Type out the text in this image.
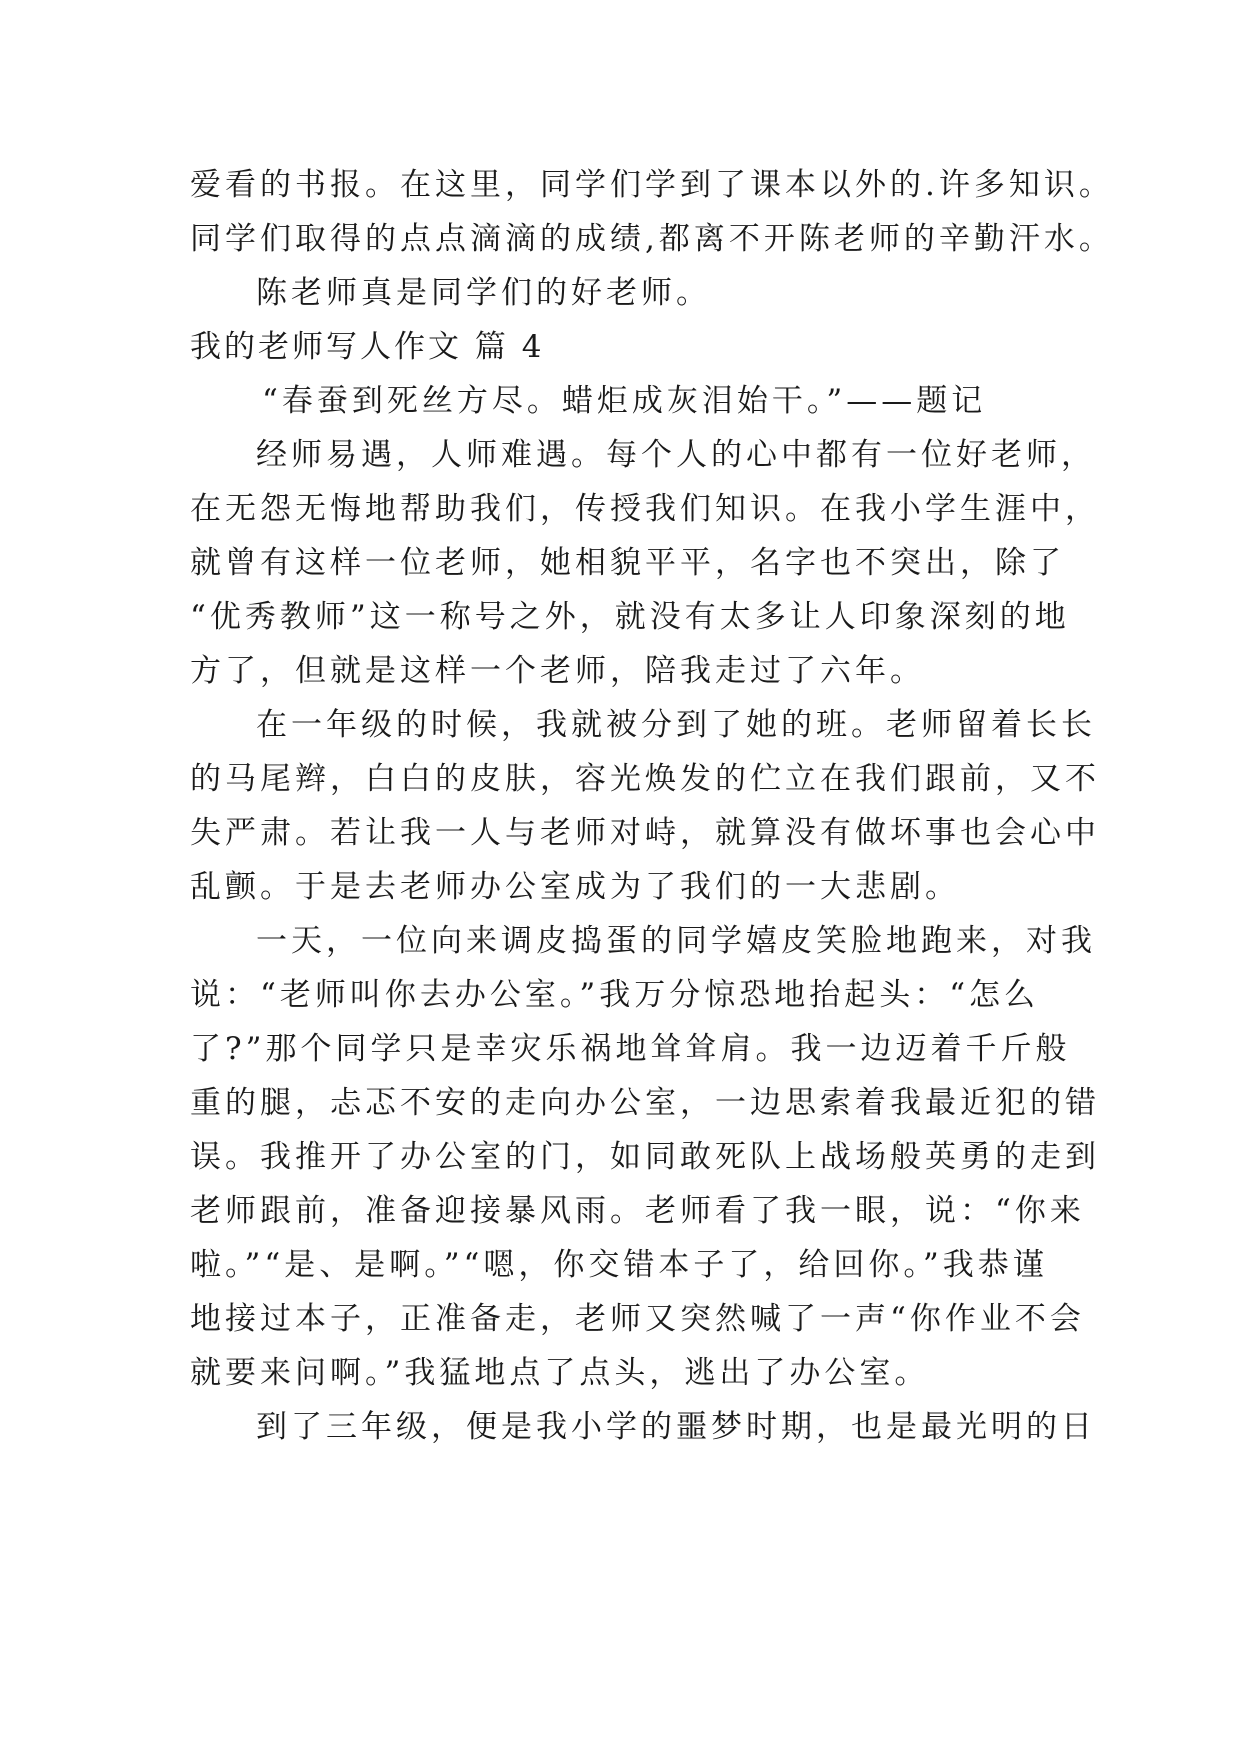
爱看的书报。在这里，同学们学到了课本以外的.许多知识。
同学们取得的点点滴滴的成绩,都离不开陈老师的辛勤汗水。
陈老师真是同学们的好老师。
我的老师写人作文 篇 4
“春蚕到死丝方尽。蜡炬成灰泪始干。”——题记
经师易遇，人师难遇。每个人的心中都有一位好老师，
在无怨无悔地帮助我们，传授我们知识。在我小学生涯中，
就曾有这样一位老师，她相貌平平，名字也不突出，除了
“优秀教师”这一称号之外，就没有太多让人印象深刻的地
方了，但就是这样一个老师，陪我走过了六年。
在一年级的时候，我就被分到了她的班。老师留着长长
的马尾辫，白白的皮肤，容光焕发的伫立在我们跟前，又不
失严肃。若让我一人与老师对峙，就算没有做坏事也会心中
乱颤。于是去老师办公室成为了我们的一大悲剧。
一天，一位向来调皮捣蛋的同学嬉皮笑脸地跑来，对我
说：“老师叫你去办公室。”我万分惊恐地抬起头：“怎么
了?”那个同学只是幸灾乐祸地耸耸肩。我一边迈着千斤般
重的腿，忐忑不安的走向办公室，一边思索着我最近犯的错
误。我推开了办公室的门，如同敢死队上战场般英勇的走到
老师跟前，准备迎接暴风雨。老师看了我一眼，说：“你来
啦。”“是、是啊。”“嗯，你交错本子了，给回你。”我恭谨
地接过本子，正准备走，老师又突然喊了一声“你作业不会
就要来问啊。”我猛地点了点头，逃出了办公室。
到了三年级，便是我小学的噩梦时期，也是最光明的日
